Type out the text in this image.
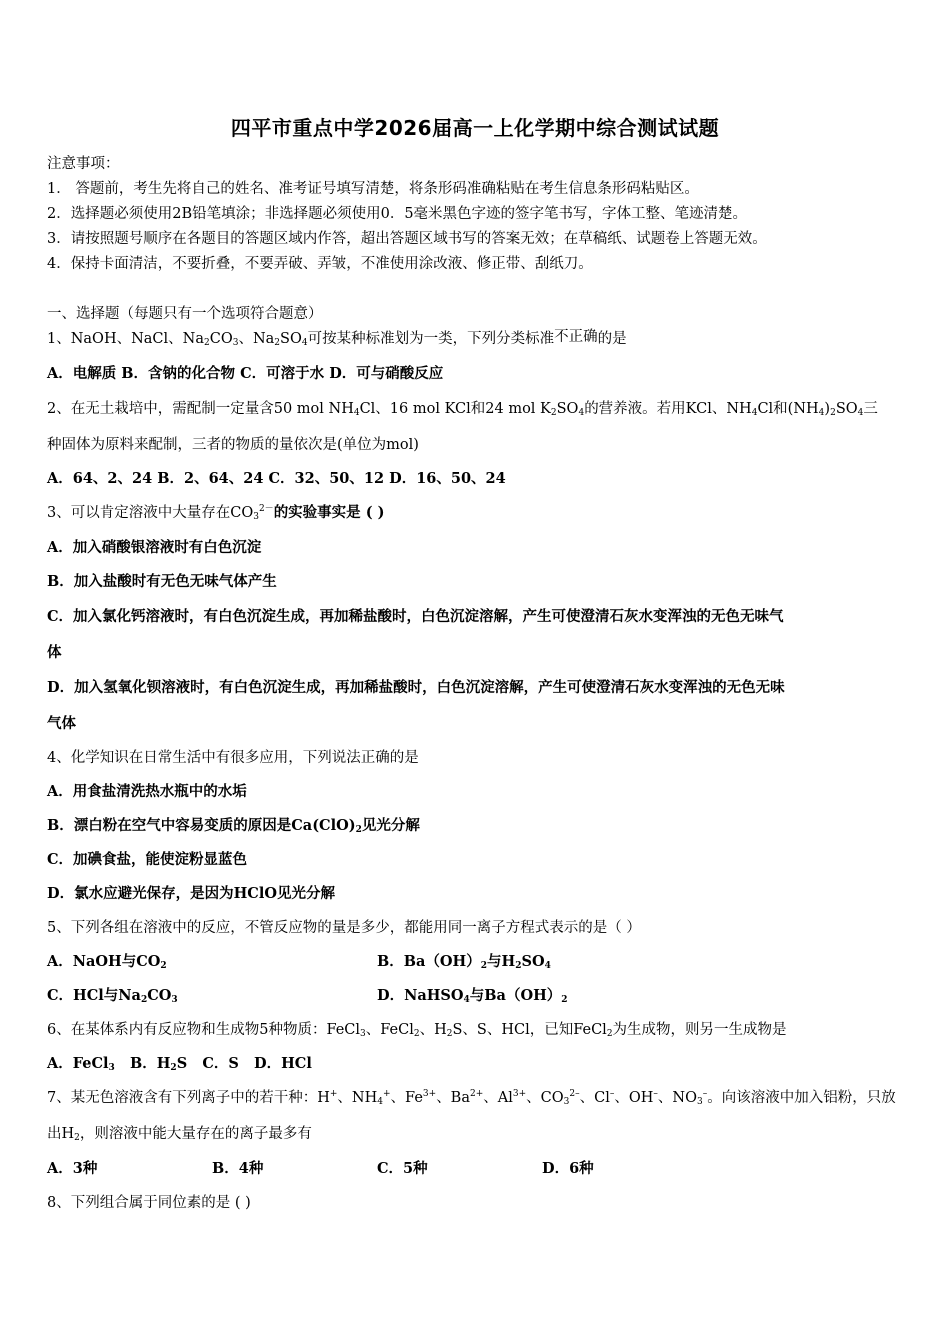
四平市重点中学2026届高一上化学期中综合测试试题
注意事项：
1． 答题前，考生先将自己的姓名、准考证号填写清楚，将条形码准确粘贴在考生信息条形码粘贴区。
2．选择题必须使用2B铅笔填涂；非选择题必须使用0．5毫米黑色字迹的签字笔书写，字体工整、笔迹清楚。
3．请按照题号顺序在各题目的答题区域内作答，超出答题区域书写的答案无效；在草稿纸、试题卷上答题无效。
4．保持卡面清洁，不要折叠，不要弄破、弄皱，不准使用涂改液、修正带、刮纸刀。
一、选择题（每题只有一个选项符合题意）
1、NaOH、NaCl、$Na_2CO_3$、$Na_2SO_4$可按某种标准划为一类，下列分类标准不正确的是
A．电解质 B．含钠的化合物 C．可溶于水 D．可与硝酸反应
2、在无土栽培中，需配制一定量含50 mol $NH_4Cl$、16 mol KCl和24 mol $K_2SO_4$的营养液。若用KCl、$NH_4Cl$和$(NH_4)_2SO_4$三
种固体为原料来配制，三者的物质的量依次是(单位为mol)
A．64、2、24 B．2、64、24 C．32、50、12 D．16、50、24
3、可以肯定溶液中大量存在$CO_3^{2-}$的实验事实是 ( )
A．加入硝酸银溶液时有白色沉淀
B．加入盐酸时有无色无味气体产生
C．加入氯化钙溶液时，有白色沉淀生成，再加稀盐酸时，白色沉淀溶解，产生可使澄清石灰水变浑浊的无色无味气
体
D．加入氢氧化钡溶液时，有白色沉淀生成，再加稀盐酸时，白色沉淀溶解，产生可使澄清石灰水变浑浊的无色无味
气体
4、化学知识在日常生活中有很多应用，下列说法正确的是
A．用食盐清洗热水瓶中的水垢
B．漂白粉在空气中容易变质的原因是$Ca(ClO)_2$见光分解
C．加碘食盐，能使淀粉显蓝色
D．氯水应避光保存，是因为HClO见光分解
5、下列各组在溶液中的反应，不管反应物的量是多少，都能用同一离子方程式表示的是（ ）
A．NaOH与$CO_2$	B．$Ba(OH)_2$与$H_2SO_4$
C．HCl与$Na_2CO_3$	D．NaHSO$_4$与$Ba(OH)_2$
6、在某体系内有反应物和生成物5种物质：FeCl$_3$、FeCl$_2$、$H_2S$、S、HCl，已知FeCl$_2$为生成物，则另一生成物是
A．FeCl$_3$ B．$H_2S$ C．S D．HCl
7、某无色溶液含有下列离子中的若干种：H+、$NH_4^+$、$Fe^{3+}$、$Ba^{2+}$、$Al^{3+}$、$CO_3^{2-}$、Cl–、OH–、$NO_3^-$。向该溶液中加入铝粉，只放
出$H_2$，则溶液中能大量存在的离子最多有
A．3种	B．4种	C．5种	D．6种
8、下列组合属于同位素的是 ( )
